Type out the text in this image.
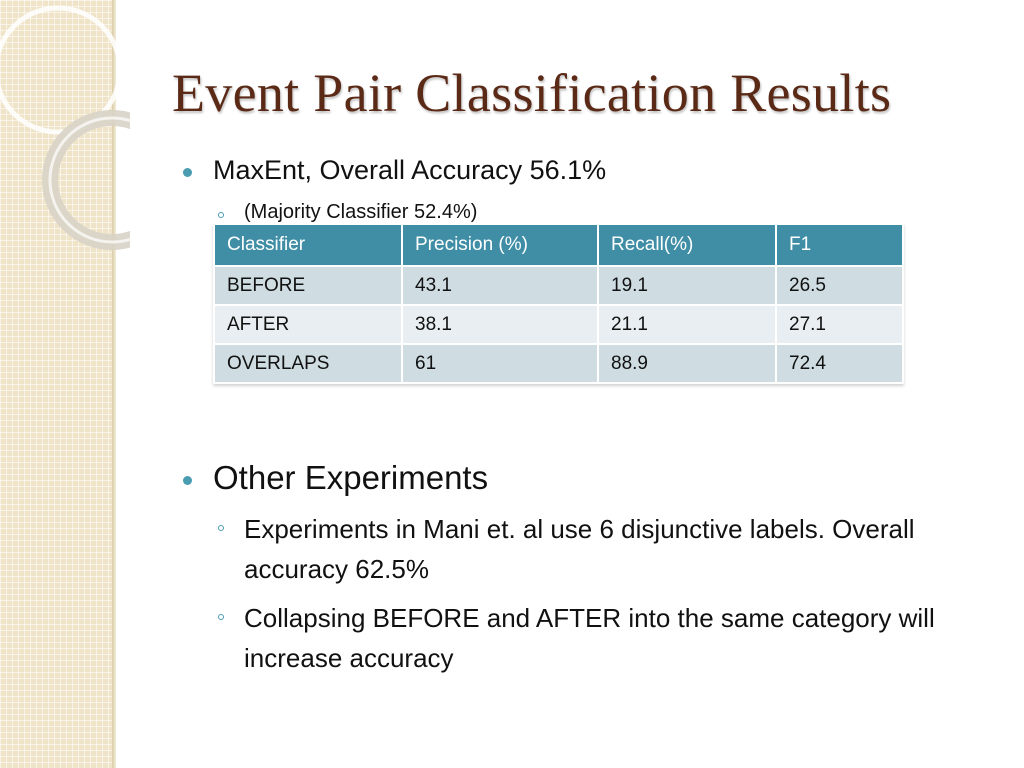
Event Pair Classification Results
MaxEnt, Overall Accuracy 56.1%
(Majority Classifier 52.4%)
Classifier	Precision (%)	Recall(%)	F1
BEFORE	43.1	19.1	26.5
AFTER	38.1	21.1	27.1
OVERLAPS	61	88.9	72.4
Other Experiments
Experiments in Mani et. al use 6 disjunctive labels. Overall accuracy 62.5%
Collapsing BEFORE and AFTER into the same category will increase accuracy
